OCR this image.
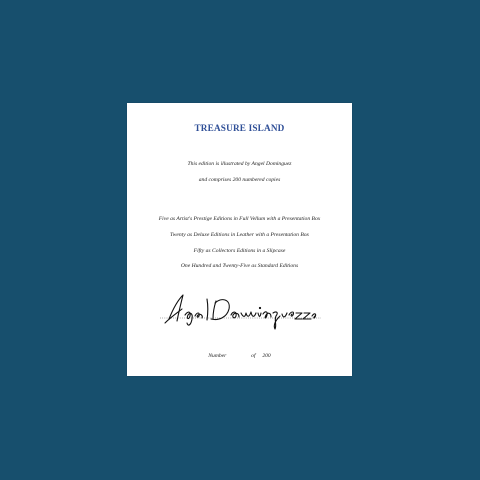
TREASURE ISLAND
This edition is illustrated by Angel Dominguez
and comprises 200 numbered copies
Five as Artist's Prestige Editions in Full Vellum with a Presentation Box
Twenty as Deluxe Editions in Leather with a Presentation Box
Fifty as Collectors Editions in a Slipcase
One Hundred and Twenty-Five as Standard Editions
Number	of 200
